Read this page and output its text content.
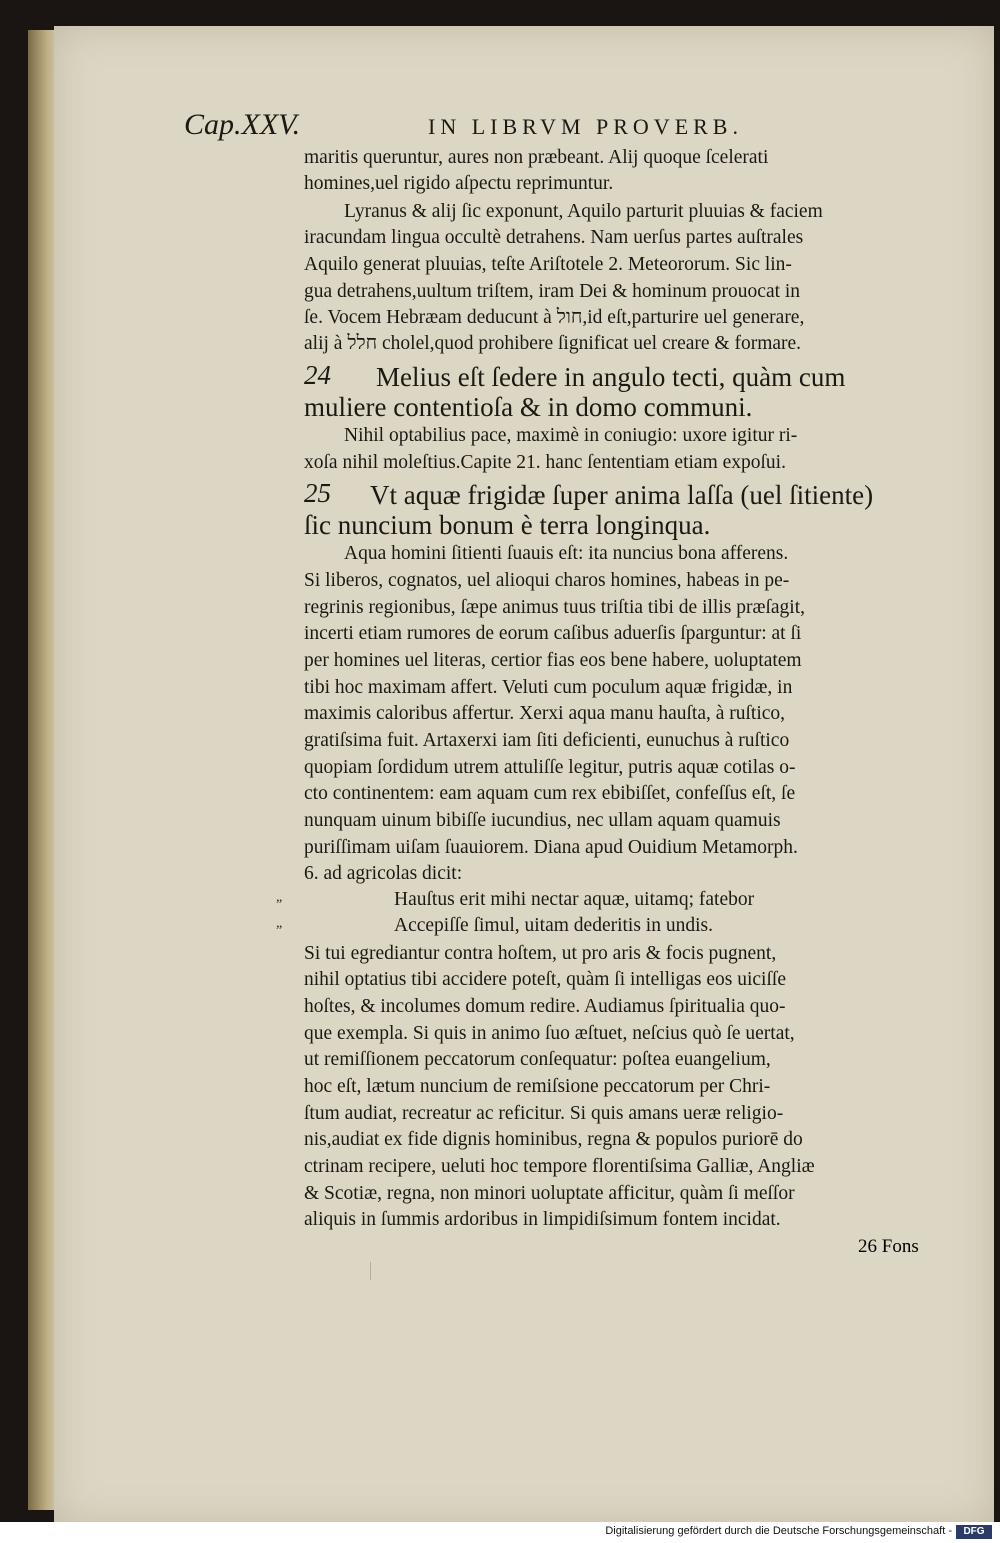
Cap.XXV.	IN LIBRVM PROVERB.
maritis queruntur, aures non præbeant. Alij quoque ſcelerati
homines,uel rigido aſpectu reprimuntur.
Lyranus & alij ſic exponunt, Aquilo parturit pluuias & faciem
iracundam lingua occultè detrahens. Nam uerſus partes auſtrales
Aquilo generat pluuias, teſte Ariſtotele 2. Meteororum. Sic lin-
gua detrahens,uultum triſtem, iram Dei & hominum prouocat in
ſe. Vocem Hebræam deducunt à חול,id eſt,parturire uel generare,
alij à חלל cholel,quod prohibere ſignificat uel creare & formare.
24 Melius eſt ſedere in angulo tecti, quàm cum
muliere contentioſa & in domo communi.
Nihil optabilius pace, maximè in coniugio: uxore igitur ri-
xoſa nihil moleſtius.Capite 21. hanc ſententiam etiam expoſui.
25 Vt aquæ frigidæ ſuper anima laſſa (uel ſitiente)
ſic nuncium bonum è terra longinqua.
Aqua homini ſitienti ſuauis eſt: ita nuncius bona afferens.
Si liberos, cognatos, uel alioqui charos homines, habeas in pe-
regrinis regionibus, ſæpe animus tuus triſtia tibi de illis præſagit,
incerti etiam rumores de eorum caſibus aduerſis ſparguntur: at ſi
per homines uel literas, certior fias eos bene habere, uoluptatem
tibi hoc maximam affert. Veluti cum poculum aquæ frigidæ, in
maximis caloribus affertur. Xerxi aqua manu hauſta, à ruſtico,
gratiſsima fuit. Artaxerxi iam ſiti deficienti, eunuchus à ruſtico
quopiam ſordidum utrem attuliſſe legitur, putris aquæ cotilas o-
cto continentem: eam aquam cum rex ebibiſſet, confeſſus eſt, ſe
nunquam uinum bibiſſe iucundius, nec ullam aquam quamuis
puriſſimam uiſam ſuauiorem. Diana apud Ouidium Metamorph.
6. ad agricolas dicit:
„	Hauſtus erit mihi nectar aquæ, uitamq; fatebor
„	Accepiſſe ſimul, uitam dederitis in undis.
Si tui egrediantur contra hoſtem, ut pro aris & focis pugnent,
nihil optatius tibi accidere poteſt, quàm ſi intelligas eos uiciſſe
hoſtes, & incolumes domum redire. Audiamus ſpiritualia quo-
que exempla. Si quis in animo ſuo æſtuet, neſcius quò ſe uertat,
ut remiſſionem peccatorum conſequatur: poſtea euangelium,
hoc eſt, lætum nuncium de remiſsione peccatorum per Chri-
ſtum audiat, recreatur ac reficitur. Si quis amans ueræ religio-
nis,audiat ex fide dignis hominibus, regna & populos puriorē do
ctrinam recipere, ueluti hoc tempore florentiſsima Galliæ, Angliæ
& Scotiæ, regna, non minori uoluptate afficitur, quàm ſi meſſor
aliquis in ſummis ardoribus in limpidiſsimum fontem incidat.
26 Fons
Digitalisierung gefördert durch die Deutsche Forschungsgemeinschaft -	DFG
